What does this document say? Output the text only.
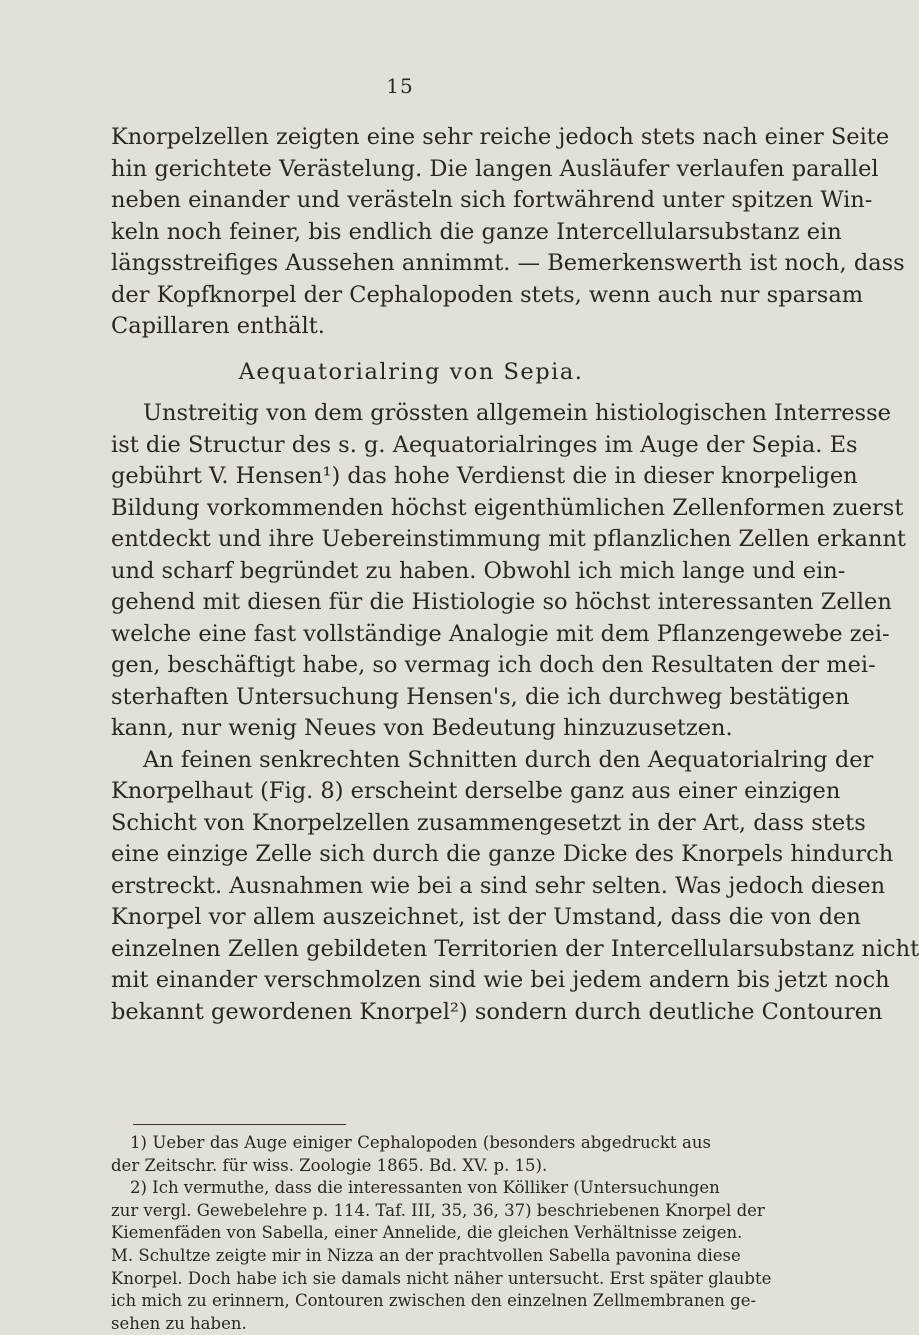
15
Knorpelzellen zeigten eine sehr reiche jedoch stets nach einer Seite
hin gerichtete Verästelung. Die langen Ausläufer verlaufen parallel
neben einander und verästeln sich fortwährend unter spitzen Win-
keln noch feiner, bis endlich die ganze Intercellularsubstanz ein
längsstreifiges Aussehen annimmt. — Bemerkenswerth ist noch, dass
der Kopfknorpel der Cephalopoden stets, wenn auch nur sparsam
Capillaren enthält.
Aequatorialring von Sepia.
Unstreitig von dem grössten allgemein histiologischen Interresse
ist die Structur des s. g. Aequatorialringes im Auge der Sepia. Es
gebührt V. Hensen¹) das hohe Verdienst die in dieser knorpeligen
Bildung vorkommenden höchst eigenthümlichen Zellenformen zuerst
entdeckt und ihre Uebereinstimmung mit pflanzlichen Zellen erkannt
und scharf begründet zu haben. Obwohl ich mich lange und ein-
gehend mit diesen für die Histiologie so höchst interessanten Zellen
welche eine fast vollständige Analogie mit dem Pflanzengewebe zei-
gen, beschäftigt habe, so vermag ich doch den Resultaten der mei-
sterhaften Untersuchung Hensen's, die ich durchweg bestätigen
kann, nur wenig Neues von Bedeutung hinzuzusetzen.
An feinen senkrechten Schnitten durch den Aequatorialring der
Knorpelhaut (Fig. 8) erscheint derselbe ganz aus einer einzigen
Schicht von Knorpelzellen zusammengesetzt in der Art, dass stets
eine einzige Zelle sich durch die ganze Dicke des Knorpels hindurch
erstreckt. Ausnahmen wie bei a sind sehr selten. Was jedoch diesen
Knorpel vor allem auszeichnet, ist der Umstand, dass die von den
einzelnen Zellen gebildeten Territorien der Intercellularsubstanz nicht
mit einander verschmolzen sind wie bei jedem andern bis jetzt noch
bekannt gewordenen Knorpel²) sondern durch deutliche Contouren
1) Ueber das Auge einiger Cephalopoden (besonders abgedruckt aus
der Zeitschr. für wiss. Zoologie 1865. Bd. XV. p. 15).
2) Ich vermuthe, dass die interessanten von Kölliker (Untersuchungen
zur vergl. Gewebelehre p. 114. Taf. III, 35, 36, 37) beschriebenen Knorpel der
Kiemenfäden von Sabella, einer Annelide, die gleichen Verhältnisse zeigen.
M. Schultze zeigte mir in Nizza an der prachtvollen Sabella pavonina diese
Knorpel. Doch habe ich sie damals nicht näher untersucht. Erst später glaubte
ich mich zu erinnern, Contouren zwischen den einzelnen Zellmembranen ge-
sehen zu haben.
